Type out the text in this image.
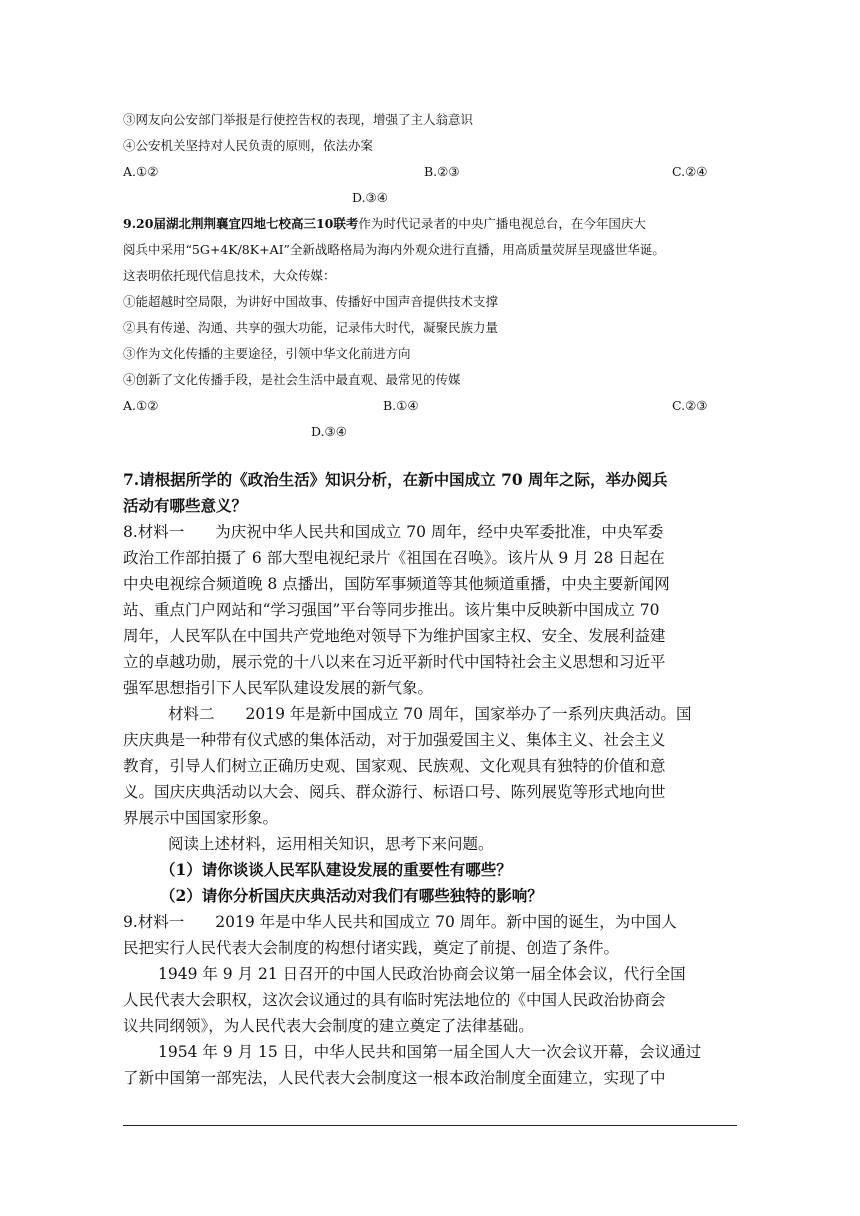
③网友向公安部门举报是行使控告权的表现，增强了主人翁意识
④公安机关坚持对人民负责的原则，依法办案
A.①②	B.②③	C.②④
D.③④
9.20届湖北荆荆襄宜四地七校高三10联考作为时代记录者的中央广播电视总台，在今年国庆大
阅兵中采用“5G+4K/8K+AI”全新战略格局为海内外观众进行直播，用高质量荧屏呈现盛世华诞。
这表明依托现代信息技术，大众传媒：
①能超越时空局限，为讲好中国故事、传播好中国声音提供技术支撑
②具有传递、沟通、共享的强大功能，记录伟大时代，凝聚民族力量
③作为文化传播的主要途径，引领中华文化前进方向
④创新了文化传播手段，是社会生活中最直观、最常见的传媒
A.①②	B.①④	C.②③
D.③④
7.请根据所学的《政治生活》知识分析，在新中国成立 70 周年之际，举办阅兵
活动有哪些意义？
8.材料一　　为庆祝中华人民共和国成立 70 周年，经中央军委批准，中央军委
政治工作部拍摄了 6 部大型电视纪录片《祖国在召唤》。该片从 9 月 28 日起在
中央电视综合频道晚 8 点播出，国防军事频道等其他频道重播，中央主要新闻网
站、重点门户网站和“学习强国”平台等同步推出。该片集中反映新中国成立 70
周年，人民军队在中国共产党地绝对领导下为维护国家主权、安全、发展利益建
立的卓越功勋，展示党的十八以来在习近平新时代中国特社会主义思想和习近平
强军思想指引下人民军队建设发展的新气象。
材料二　　2019 年是新中国成立 70 周年，国家举办了一系列庆典活动。国
庆庆典是一种带有仪式感的集体活动，对于加强爱国主义、集体主义、社会主义
教育，引导人们树立正确历史观、国家观、民族观、文化观具有独特的价值和意
义。国庆庆典活动以大会、阅兵、群众游行、标语口号、陈列展览等形式地向世
界展示中国国家形象。
阅读上述材料，运用相关知识，思考下来问题。
（1）请你谈谈人民军队建设发展的重要性有哪些？
（2）请你分析国庆庆典活动对我们有哪些独特的影响？
9.材料一　　2019 年是中华人民共和国成立 70 周年。新中国的诞生，为中国人
民把实行人民代表大会制度的构想付诸实践，奠定了前提、创造了条件。
1949 年 9 月 21 日召开的中国人民政治协商会议第一届全体会议，代行全国
人民代表大会职权，这次会议通过的具有临时宪法地位的《中国人民政治协商会
议共同纲领》，为人民代表大会制度的建立奠定了法律基础。
1954 年 9 月 15 日，中华人民共和国第一届全国人大一次会议开幕，会议通过
了新中国第一部宪法，人民代表大会制度这一根本政治制度全面建立，实现了中
